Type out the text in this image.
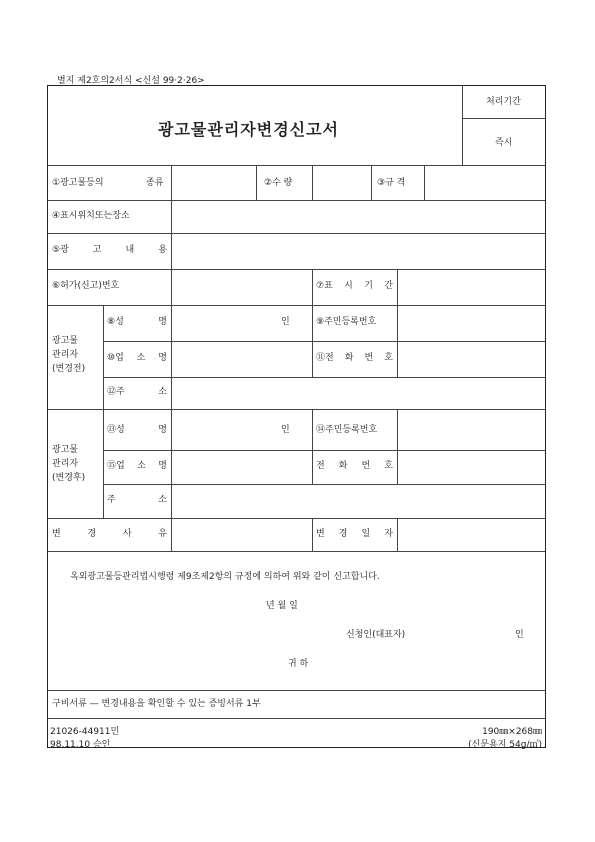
별지 제2호의2서식 <신설 99·2·26>
광고물관리자변경신고서
처리기간
즉시
①광고물등의	종류	②수 량	③규 격
④표시위치또는장소
⑤광	고	내	용
⑥허가(신고)번호	⑦표 시 기 간
광고물
관리자
(변경전)
⑧성	명	인	⑨주민등록번호
⑩업 소 명	⑪전 화 번 호
⑫주	소
광고물
관리자
(변경후)
⑬성	명	인	⑭주민등록번호
⑮업 소 명	전 화 번 호
주	소
변	경	사	유	변 경 일 자
옥외광고물등관리법시행령 제9조제2항의 규정에 의하여 위와 같이 신고합니다.
년 월 일
신청인(대표자)	인
귀 하
구비서류 — 변경내용을 확인할 수 있는 증빙서류 1부
21026-44911민
98.11.10 승인
190㎜×268㎜
(신문용지 54g/㎡)
